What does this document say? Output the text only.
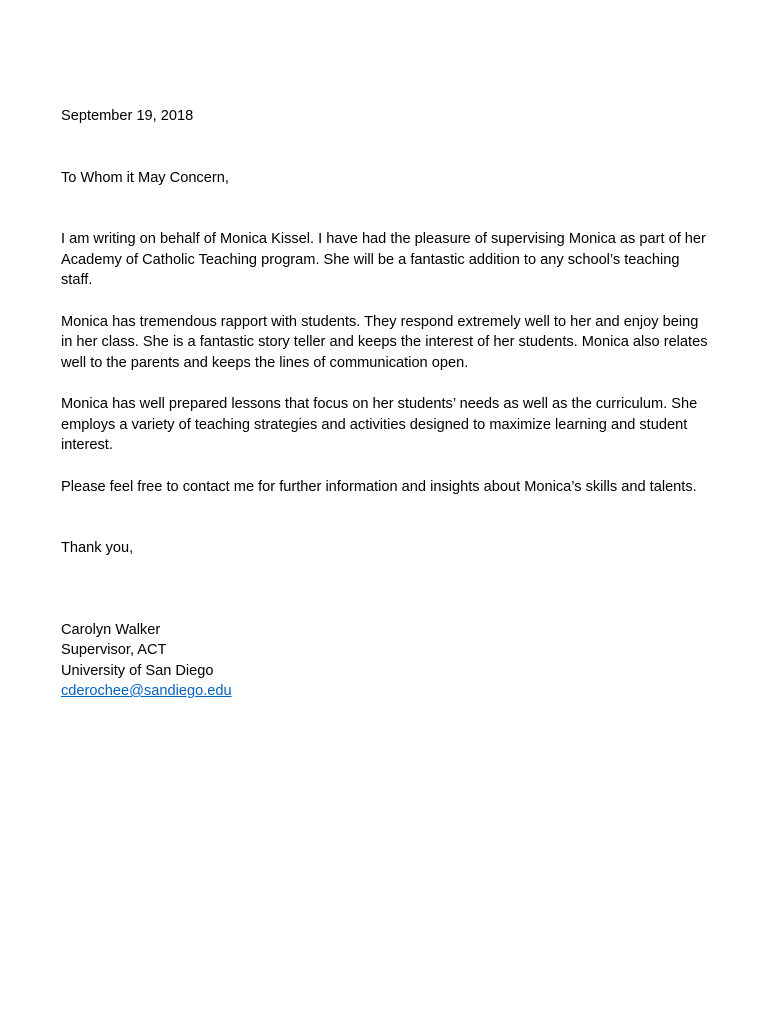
September 19, 2018

To Whom it May Concern,

I am writing on behalf of Monica Kissel. I have had the pleasure of supervising Monica as part of her Academy of Catholic Teaching program. She will be a fantastic addition to any school’s teaching staff.

Monica has tremendous rapport with students. They respond extremely well to her and enjoy being in her class. She is a fantastic story teller and keeps the interest of her students. Monica also relates well to the parents and keeps the lines of communication open.

Monica has well prepared lessons that focus on her students’ needs as well as the curriculum. She employs a variety of teaching strategies and activities designed to maximize learning and student interest.

Please feel free to contact me for further information and insights about Monica’s skills and talents.

Thank you,

Carolyn Walker
Supervisor, ACT
University of San Diego
cderochee@sandiego.edu
